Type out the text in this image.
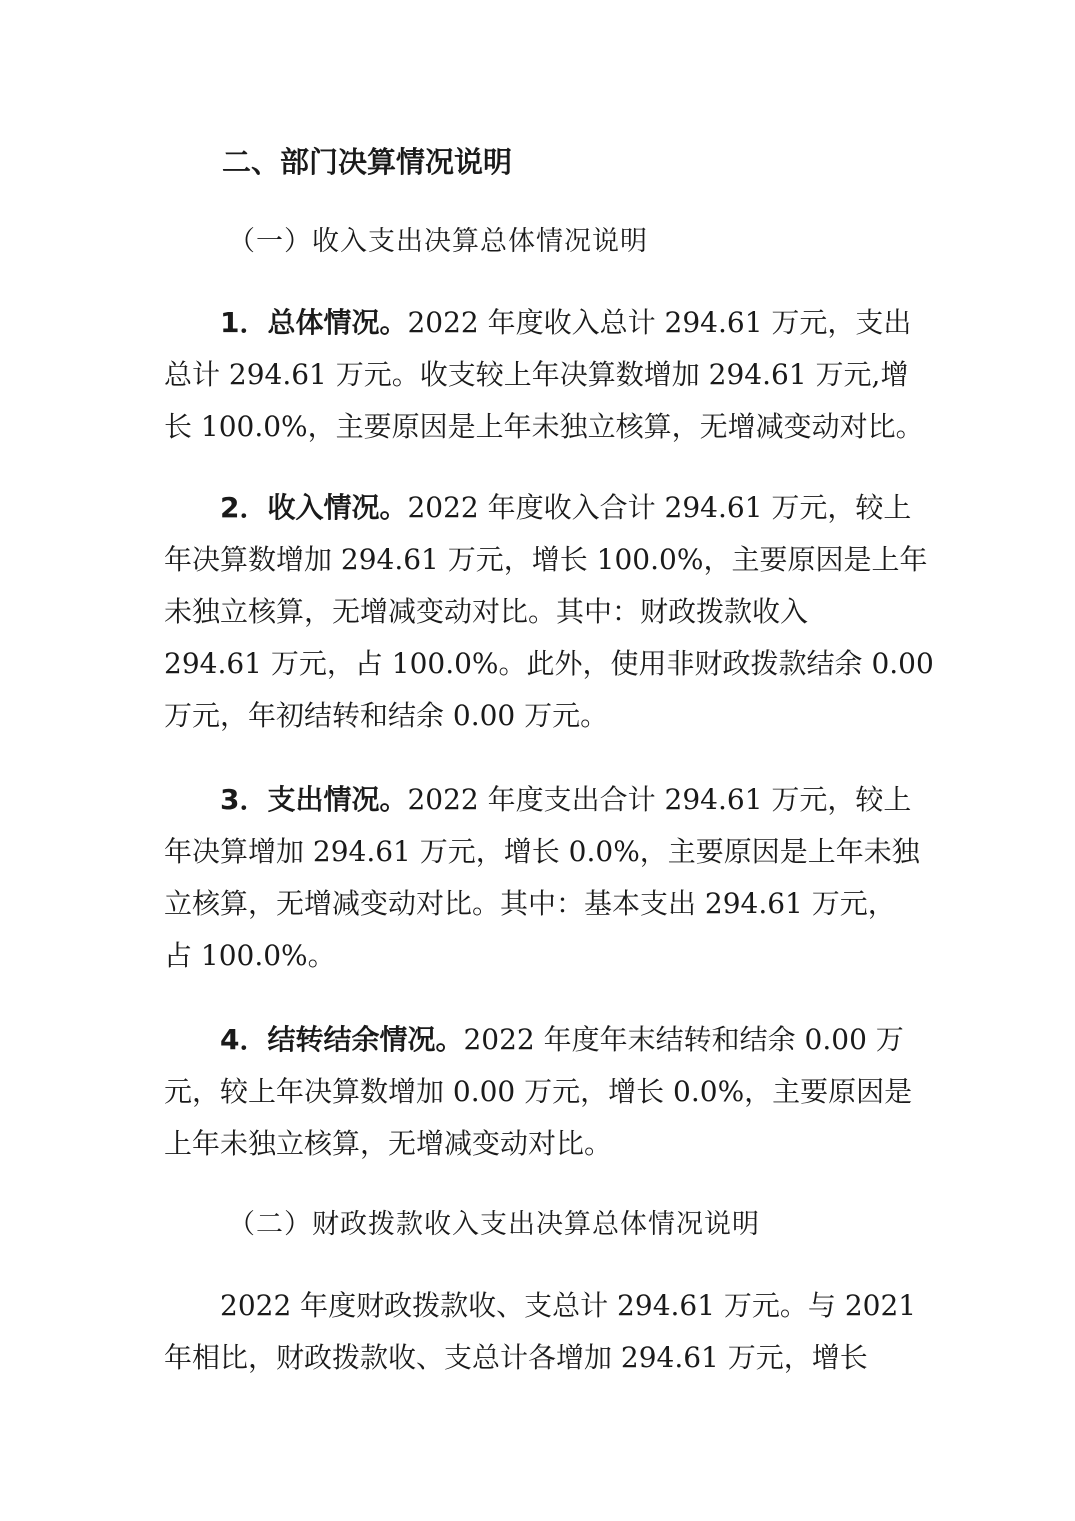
二、部门决算情况说明
（一）收入支出决算总体情况说明
1．总体情况。2022 年度收入总计 294.61 万元，支出
总计 294.61 万元。收支较上年决算数增加 294.61 万元,增
长 100.0%，主要原因是上年未独立核算，无增减变动对比。
2．收入情况。2022 年度收入合计 294.61 万元，较上
年决算数增加 294.61 万元，增长 100.0%，主要原因是上年
未独立核算，无增减变动对比。其中：财政拨款收入
294.61 万元，占 100.0%。此外，使用非财政拨款结余 0.00
万元，年初结转和结余 0.00 万元。
3．支出情况。2022 年度支出合计 294.61 万元，较上
年决算增加 294.61 万元，增长 0.0%，主要原因是上年未独
立核算，无增减变动对比。其中：基本支出 294.61 万元，
占 100.0%。
4．结转结余情况。2022 年度年末结转和结余 0.00 万
元，较上年决算数增加 0.00 万元，增长 0.0%，主要原因是
上年未独立核算，无增减变动对比。
（二）财政拨款收入支出决算总体情况说明
2022 年度财政拨款收、支总计 294.61 万元。与 2021
年相比，财政拨款收、支总计各增加 294.61 万元，增长
